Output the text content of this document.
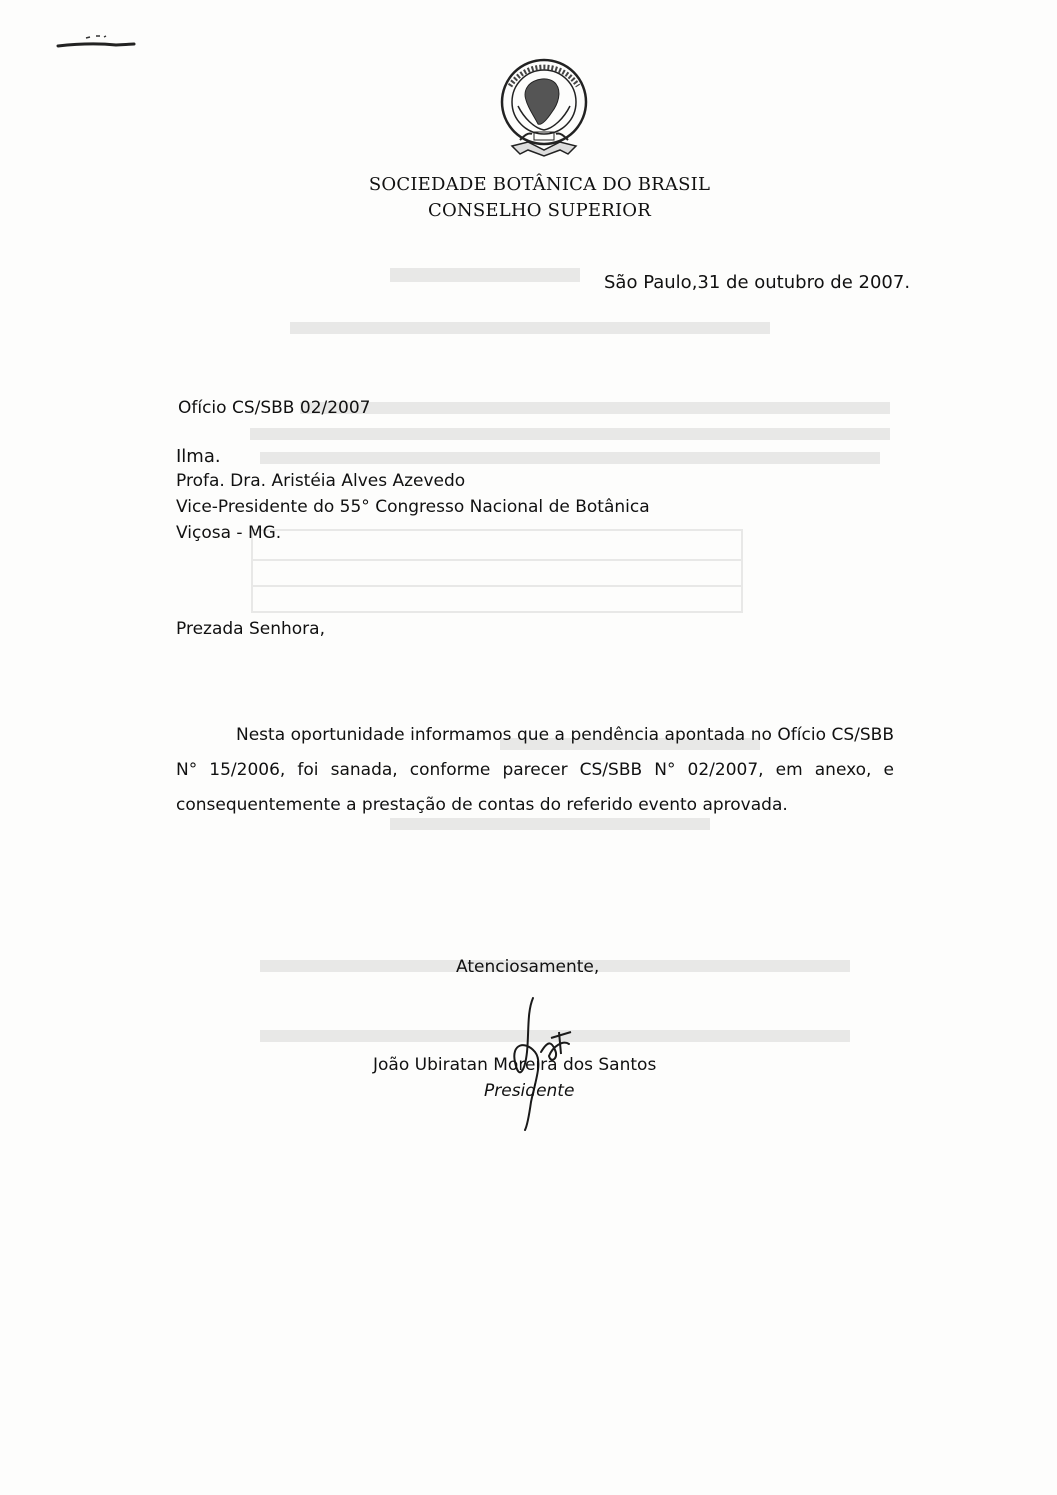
SOCIEDADE BOTÂNICA DO BRASIL
CONSELHO SUPERIOR
São Paulo,31 de outubro de 2007.
Ofício CS/SBB 02/2007
Ilma.
Profa. Dra. Aristéia Alves Azevedo
Vice-Presidente do 55° Congresso Nacional de Botânica
Viçosa - MG.
Prezada Senhora,
Nesta oportunidade informamos que a pendência apontada no Ofício CS/SBB N° 15/2006, foi sanada, conforme parecer CS/SBB N° 02/2007, em anexo, e consequentemente a prestação de contas do referido evento aprovada.
Atenciosamente,
João Ubiratan Moreira dos Santos
Presidente
